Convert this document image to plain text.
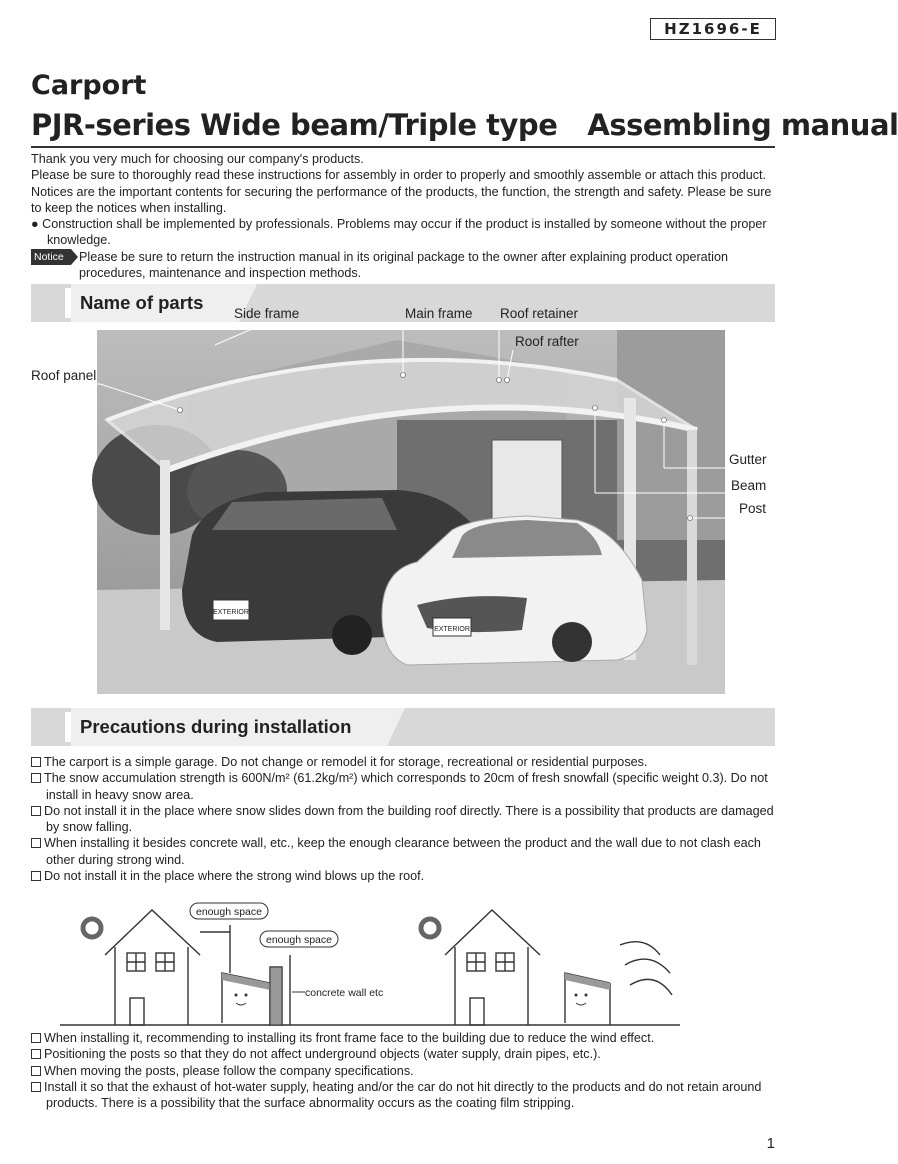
HZ1696-E
Carport
PJR-series Wide beam/Triple type Assembling manual

Thank you very much for choosing our company's products.

Please be sure to thoroughly read these instructions for assembly in order to properly and smoothly assemble or attach this product.

Notices are the important contents for securing the performance of the products, the function, the strength and safety. Please be sure to keep the notices when installing.

● Construction shall be implemented by professionals. Problems may occur if the product is installed by someone without the proper knowledge.

Notice	Please be sure to return the instruction manual in its original package to the owner after explaining product operation procedures, maintenance and inspection methods.
Name of parts
EXTERIOR
EXTERIOR
Side frame	Main frame Roof retainer
Roof rafter
Roof panel
Gutter
Beam
Post
Precautions during installation
The carport is a simple garage. Do not change or remodel it for storage, recreational or residential purposes.
The snow accumulation strength is 600N/m² (61.2kg/m²) which corresponds to 20cm of fresh snowfall (specific weight 0.3). Do not install in heavy snow area.
Do not install it in the place where snow slides down from the building roof directly. There is a possibility that products are damaged by snow falling.
When installing it besides concrete wall, etc., keep the enough clearance between the product and the wall due to not clash each other during strong wind.
Do not install it in the place where the strong wind blows up the roof.
enough space
enough space
concrete wall etc
When installing it, recommending to installing its front frame face to the building due to reduce the wind effect.
Positioning the posts so that they do not affect underground objects (water supply, drain pipes, etc.).
When moving the posts, please follow the company specifications.
Install it so that the exhaust of hot-water supply, heating and/or the car do not hit directly to the products and do not retain around products. There is a possibility that the surface abnormality occurs as the coating film stripping.
1
